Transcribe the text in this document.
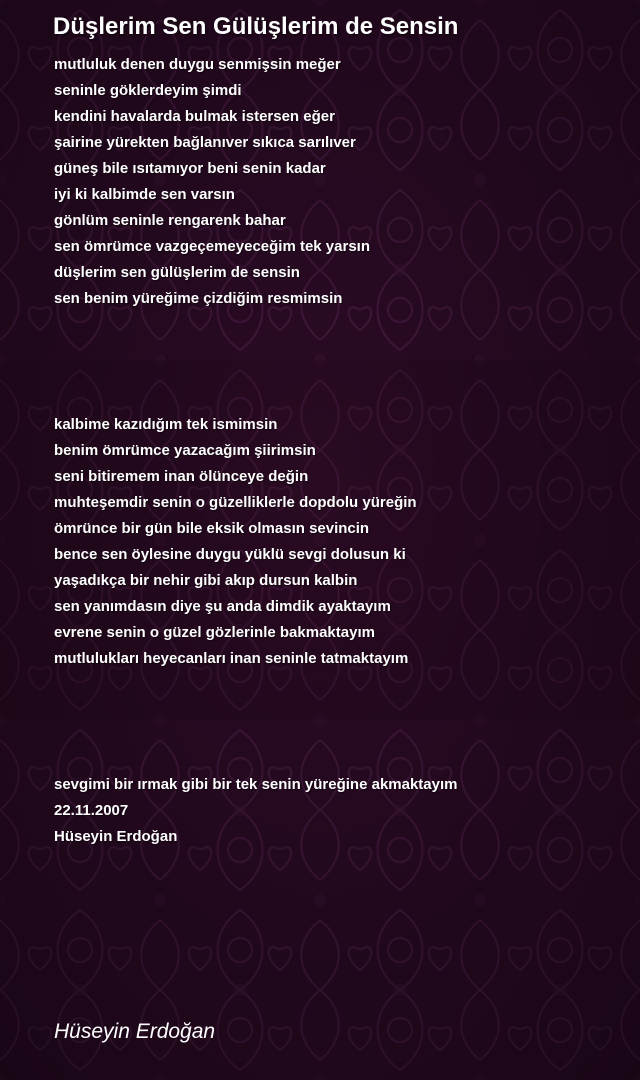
Düşlerim Sen Gülüşlerim de Sensin
mutluluk denen duygu senmişsin meğer
seninle göklerdeyim şimdi
kendini havalarda bulmak istersen eğer
şairine yürekten bağlanıver sıkıca sarılıver
güneş bile ısıtamıyor beni senin kadar
iyi ki kalbimde sen varsın
gönlüm seninle rengarenk bahar
sen ömrümce vazgeçemeyeceğim tek yarsın
düşlerim sen gülüşlerim de sensin
sen benim yüreğime çizdiğim resmimsin
kalbime kazıdığım tek ismimsin
benim ömrümce yazacağım şiirimsin
seni bitiremem inan ölünceye değin
muhteşemdir senin o güzelliklerle dopdolu yüreğin
ömrünce bir gün bile eksik olmasın sevincin
bence sen öylesine duygu yüklü sevgi dolusun ki
yaşadıkça bir nehir gibi akıp dursun kalbin
sen yanımdasın diye şu anda dimdik ayaktayım
evrene senin o güzel gözlerinle bakmaktayım
mutlulukları heyecanları inan seninle tatmaktayım
sevgimi bir ırmak gibi bir tek senin yüreğine akmaktayım
22.11.2007
Hüseyin Erdoğan
Hüseyin Erdoğan
